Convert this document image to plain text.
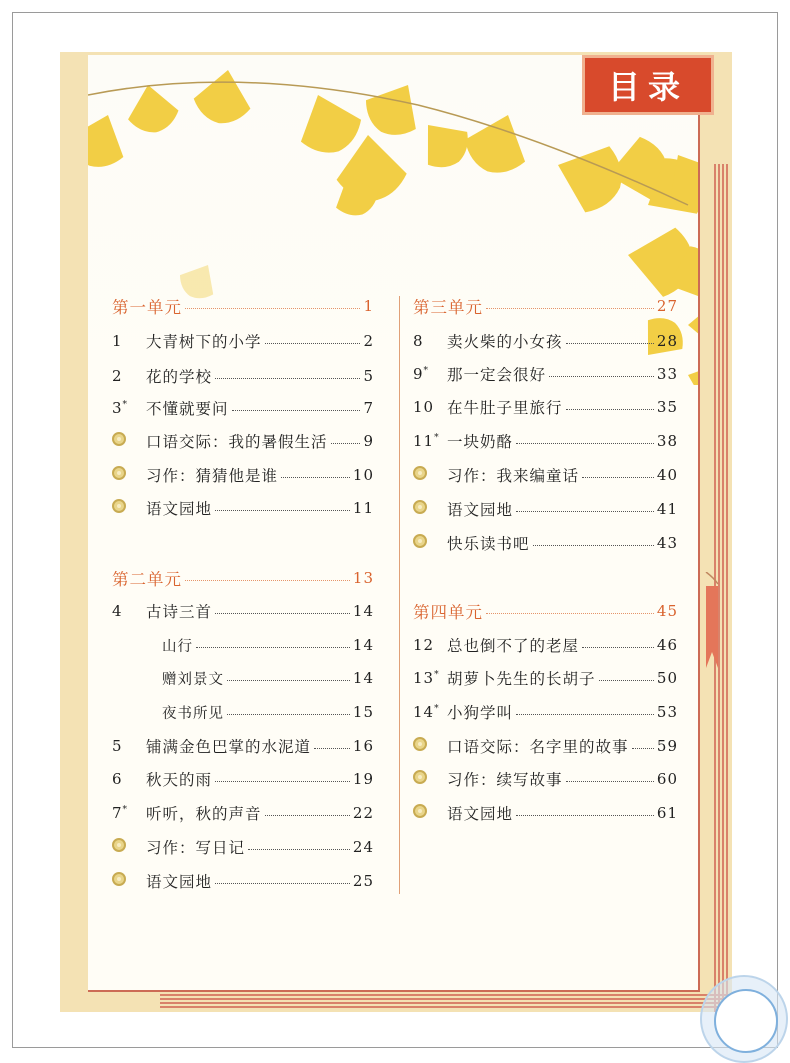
目录
第一单元	1
1	大青树下的小学	2
2	花的学校	5
3*	不懂就要问	7
口语交际：我的暑假生活 9
习作：猜猜他是谁	10
语文园地	11
第二单元	13
4	古诗三首	14
山行	14
赠刘景文	14
夜书所见	15
5	铺满金色巴掌的水泥道	16
6	秋天的雨	19
7*	听听，秋的声音	22
习作：写日记	24
语文园地	25
第三单元	27
8	卖火柴的小女孩	28
9*	那一定会很好	33
10 在牛肚子里旅行	35
11* 一块奶酪	38
习作：我来编童话	40
语文园地	41
快乐读书吧	43
第四单元	45
12 总也倒不了的老屋	46
13* 胡萝卜先生的长胡子	50
14* 小狗学叫	53
口语交际：名字里的故事 59
习作：续写故事	60
语文园地	61
